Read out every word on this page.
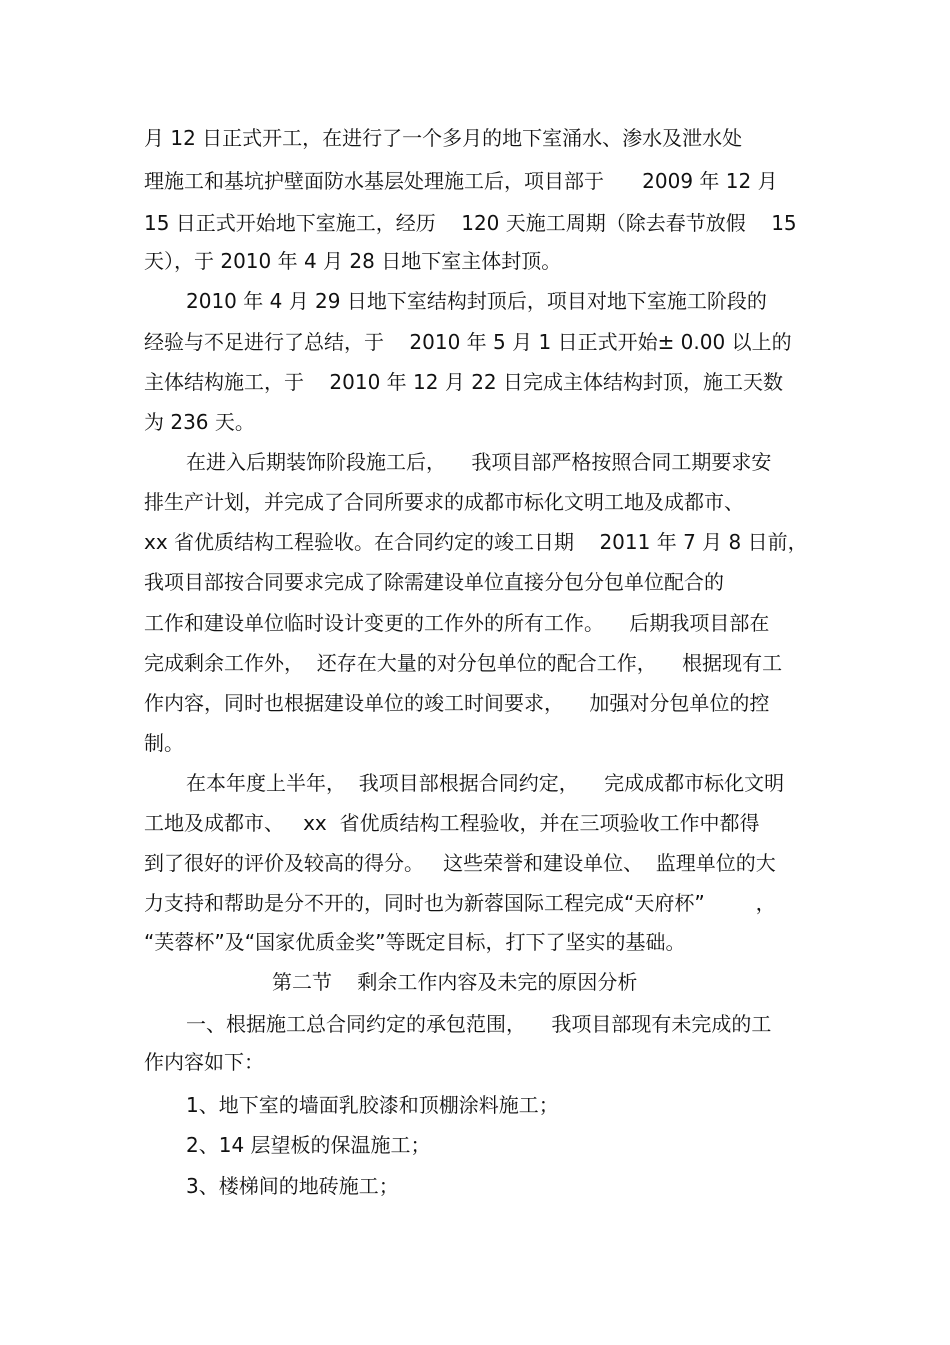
月 12 日正式开工，在进行了一个多月的地下室涌水、渗水及泄水处
理施工和基坑护壁面防水基层处理施工后，项目部于      2009 年 12 月
15 日正式开始地下室施工，经历    120 天施工周期（除去春节放假    15
天），于 2010 年 4 月 28 日地下室主体封顶。
2010 年 4 月 29 日地下室结构封顶后，项目对地下室施工阶段的
经验与不足进行了总结，于    2010 年 5 月 1 日正式开始± 0.00 以上的
主体结构施工，于    2010 年 12 月 22 日完成主体结构封顶，施工天数
为 236 天。
在进入后期装饰阶段施工后，    我项目部严格按照合同工期要求安
排生产计划，并完成了合同所要求的成都市标化文明工地及成都市、
xx 省优质结构工程验收。在合同约定的竣工日期    2011 年 7 月 8 日前，
我项目部按合同要求完成了除需建设单位直接分包分包单位配合的
工作和建设单位临时设计变更的工作外的所有工作。    后期我项目部在
完成剩余工作外，  还存在大量的对分包单位的配合工作，    根据现有工
作内容，同时也根据建设单位的竣工时间要求，    加强对分包单位的控
制。
在本年度上半年，  我项目部根据合同约定，    完成成都市标化文明
工地及成都市、   xx  省优质结构工程验收，并在三项验收工作中都得
到了很好的评价及较高的得分。   这些荣誉和建设单位、  监理单位的大
力支持和帮助是分不开的，同时也为新蓉国际工程完成“天府杯”        ，
“芙蓉杯”及“国家优质金奖”等既定目标，打下了坚实的基础。
第二节    剩余工作内容及未完的原因分析
一、根据施工总合同约定的承包范围，    我项目部现有未完成的工
作内容如下：
1、地下室的墙面乳胶漆和顶棚涂料施工；
2、14 层望板的保温施工；
3、楼梯间的地砖施工；
